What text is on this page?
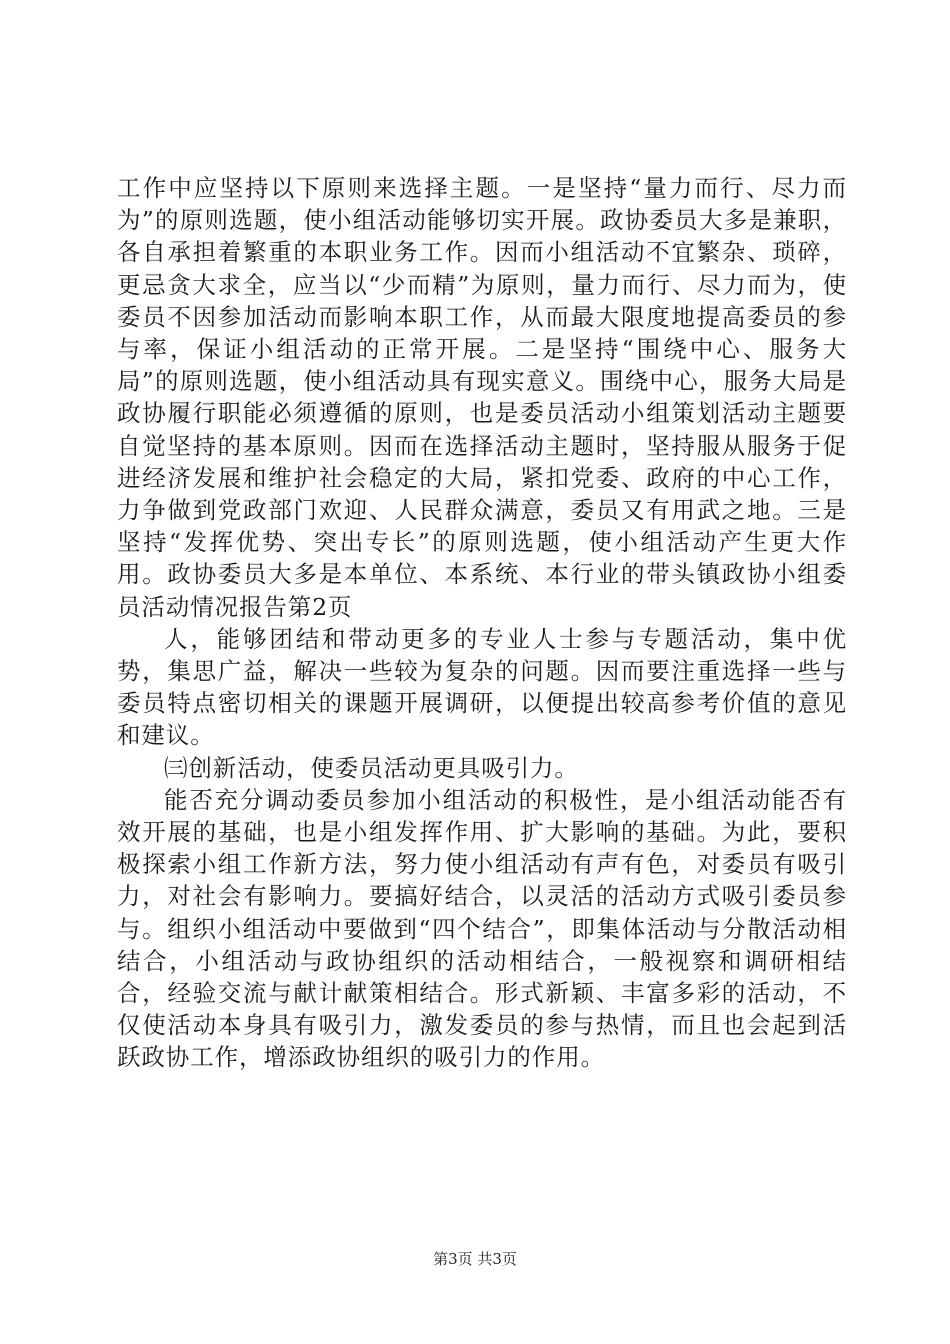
工作中应坚持以下原则来选择主题。一是坚持“量力而行、尽力而为”的原则选题，使小组活动能够切实开展。政协委员大多是兼职，各自承担着繁重的本职业务工作。因而小组活动不宜繁杂、琐碎，更忌贪大求全，应当以“少而精”为原则，量力而行、尽力而为，使委员不因参加活动而影响本职工作，从而最大限度地提高委员的参与率，保证小组活动的正常开展。二是坚持“围绕中心、服务大局”的原则选题，使小组活动具有现实意义。围绕中心，服务大局是政协履行职能必须遵循的原则，也是委员活动小组策划活动主题要自觉坚持的基本原则。因而在选择活动主题时，坚持服从服务于促进经济发展和维护社会稳定的大局，紧扣党委、政府的中心工作，力争做到党政部门欢迎、人民群众满意，委员又有用武之地。三是坚持“发挥优势、突出专长”的原则选题，使小组活动产生更大作用。政协委员大多是本单位、本系统、本行业的带头镇政协小组委员活动情况报告第2页

人，能够团结和带动更多的专业人士参与专题活动，集中优势，集思广益，解决一些较为复杂的问题。因而要注重选择一些与委员特点密切相关的课题开展调研，以便提出较高参考价值的意见和建议。

㈢创新活动，使委员活动更具吸引力。

能否充分调动委员参加小组活动的积极性，是小组活动能否有效开展的基础，也是小组发挥作用、扩大影响的基础。为此，要积极探索小组工作新方法，努力使小组活动有声有色，对委员有吸引力，对社会有影响力。要搞好结合，以灵活的活动方式吸引委员参与。组织小组活动中要做到“四个结合”，即集体活动与分散活动相结合，小组活动与政协组织的活动相结合，一般视察和调研相结合，经验交流与献计献策相结合。形式新颖、丰富多彩的活动，不仅使活动本身具有吸引力，激发委员的参与热情，而且也会起到活跃政协工作，增添政协组织的吸引力的作用。

第3页 共3页
